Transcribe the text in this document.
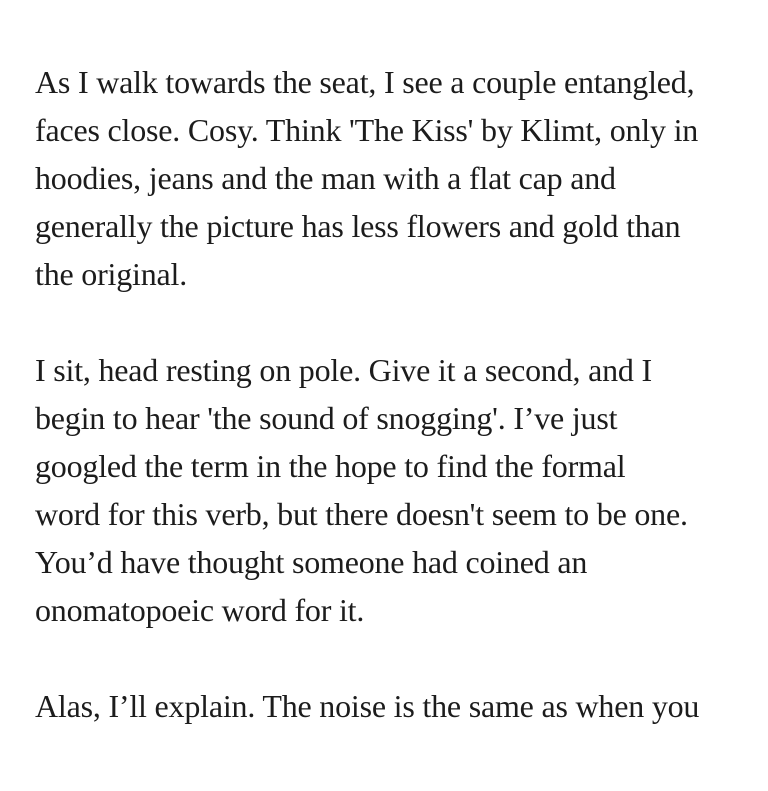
As I walk towards the seat, I see a couple entangled,
faces close. Cosy. Think 'The Kiss' by Klimt, only in
hoodies, jeans and the man with a flat cap and
generally the picture has less flowers and gold than
the original.

I sit, head resting on pole. Give it a second, and I
begin to hear 'the sound of snogging'. I’ve just
googled the term in the hope to find the formal
word for this verb, but there doesn't seem to be one.
You’d have thought someone had coined an
onomatopoeic word for it.

Alas, I’ll explain. The noise is the same as when you
